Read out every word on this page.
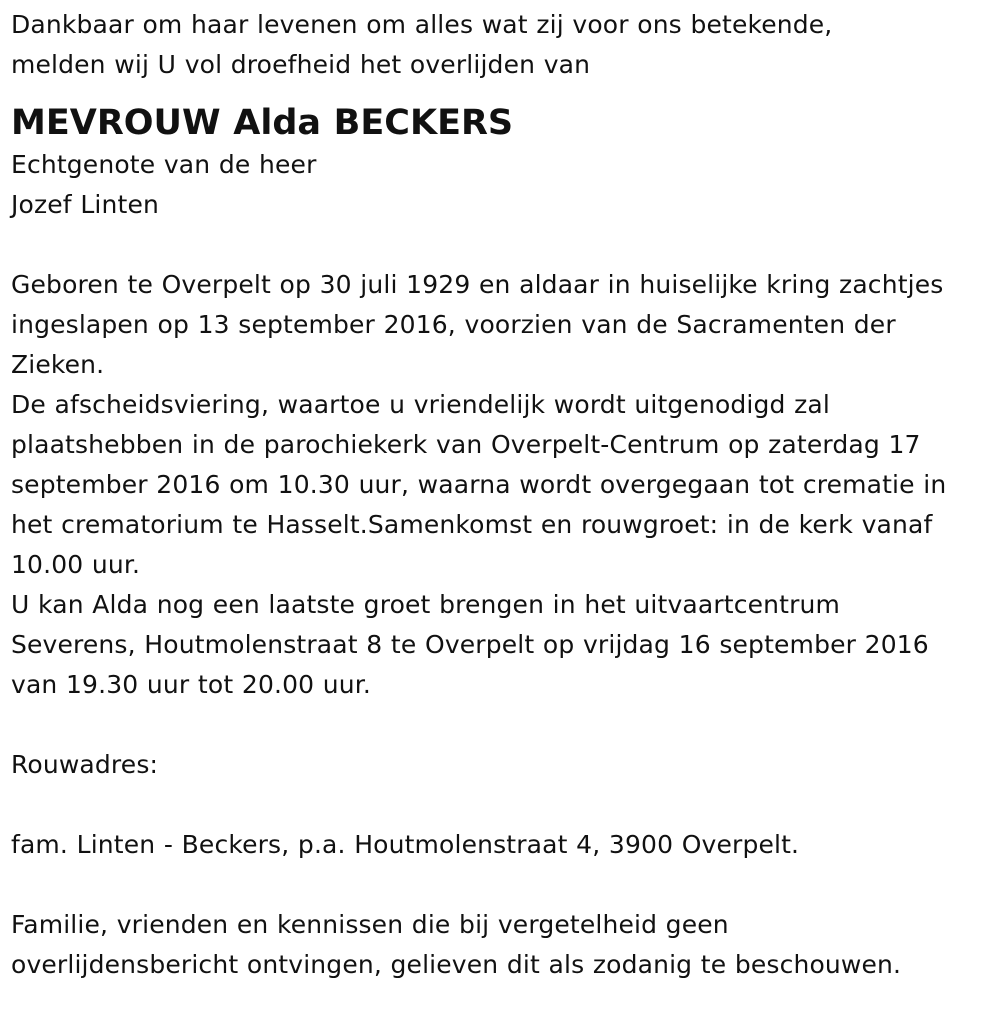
Dankbaar om haar levenen om alles wat zij voor ons betekende,
melden wij U vol droefheid het overlijden van
MEVROUW Alda BECKERS
Echtgenote van de heer
Jozef Linten
Geboren te Overpelt op 30 juli 1929 en aldaar in huiselijke kring zachtjes
ingeslapen op 13 september 2016, voorzien van de Sacramenten der
Zieken.
De afscheidsviering, waartoe u vriendelijk wordt uitgenodigd zal
plaatshebben in de parochiekerk van Overpelt-Centrum op zaterdag 17
september 2016 om 10.30 uur, waarna wordt overgegaan tot crematie in
het crematorium te Hasselt.Samenkomst en rouwgroet: in de kerk vanaf
10.00 uur.
U kan Alda nog een laatste groet brengen in het uitvaartcentrum
Severens, Houtmolenstraat 8 te Overpelt op vrijdag 16 september 2016
van 19.30 uur tot 20.00 uur.
Rouwadres:
fam. Linten - Beckers, p.a. Houtmolenstraat 4, 3900 Overpelt.
Familie, vrienden en kennissen die bij vergetelheid geen
overlijdensbericht ontvingen, gelieven dit als zodanig te beschouwen.
